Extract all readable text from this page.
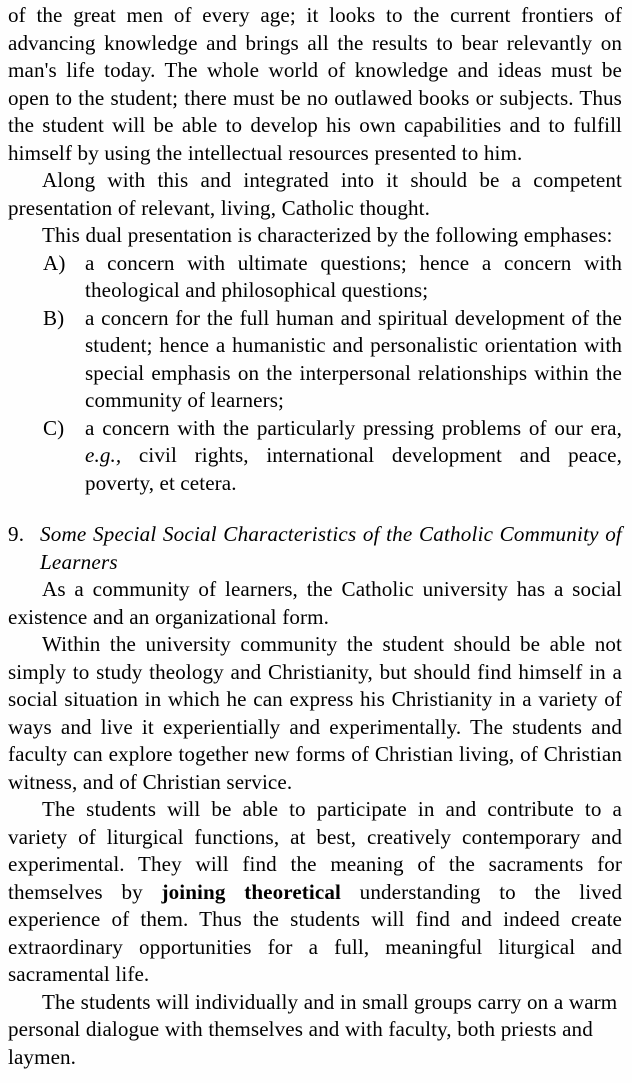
of the great men of every age; it looks to the current frontiers of advancing knowledge and brings all the results to bear relevantly on man's life today. The whole world of knowledge and ideas must be open to the student; there must be no outlawed books or subjects. Thus the student will be able to develop his own capabilities and to fulfill himself by using the intellectual resources presented to him.

Along with this and integrated into it should be a competent presentation of relevant, living, Catholic thought.

This dual presentation is characterized by the following emphases:

A) a concern with ultimate questions; hence a concern with theological and philosophical questions;
B) a concern for the full human and spiritual development of the student; hence a humanistic and personalistic orientation with special emphasis on the interpersonal relationships within the community of learners;
C) a concern with the particularly pressing problems of our era, e.g., civil rights, international development and peace, poverty, et cetera.

9. Some Special Social Characteristics of the Catholic Community of Learners

As a community of learners, the Catholic university has a social existence and an organizational form.

Within the university community the student should be able not simply to study theology and Christianity, but should find himself in a social situation in which he can express his Christianity in a variety of ways and live it experientially and experimentally. The students and faculty can explore together new forms of Christian living, of Christian witness, and of Christian service.

The students will be able to participate in and contribute to a variety of liturgical functions, at best, creatively contemporary and experimental. They will find the meaning of the sacraments for themselves by joining theoretical understanding to the lived experience of them. Thus the students will find and indeed create extraordinary opportunities for a full, meaningful liturgical and sacramental life.

The students will individually and in small groups carry on a warm personal dialogue with themselves and with faculty, both priests and laymen.
